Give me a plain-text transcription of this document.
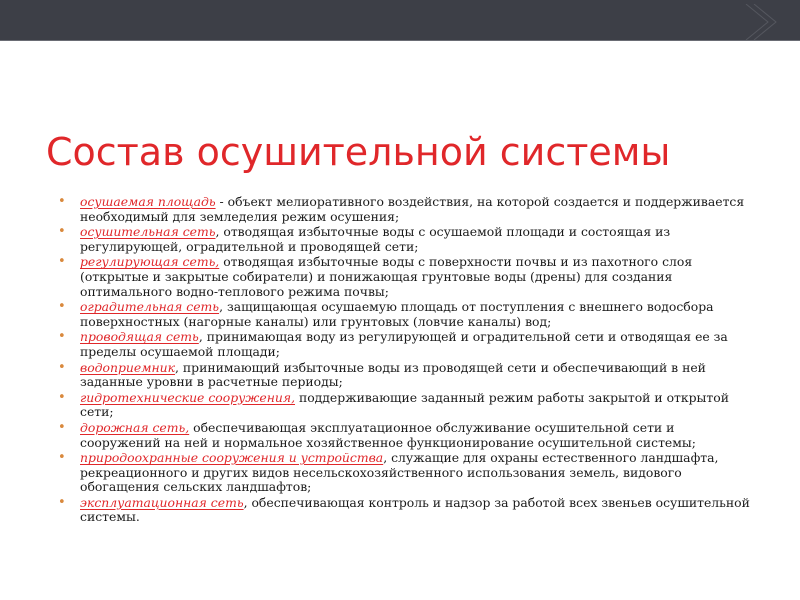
Состав осушительной системы
• осушаемая площадь - объект мелиоративного воздействия, на которой создается и поддерживается необходимый для земледелия режим осушения;
• осушительная сеть, отводящая избыточные воды с осушаемой площади и состоящая из регулирующей, оградительной и проводящей сети;
• регулирующая сеть, отводящая избыточные воды с поверхности почвы и из пахотного слоя (открытые и закрытые собиратели) и понижающая грунтовые воды (дрены) для создания оптимального водно-теплового режима почвы;
• оградительная сеть, защищающая осушаемую площадь от поступления с внешнего водосбора поверхностных (нагорные каналы) или грунтовых (ловчие каналы) вод;
• проводящая сеть, принимающая воду из регулирующей и оградительной сети и отводящая ее за пределы осушаемой площади;
• водоприемник, принимающий избыточные воды из проводящей сети и обеспечивающий в ней заданные уровни в расчетные периоды;
• гидротехнические сооружения, поддерживающие заданный режим работы закрытой и открытой сети;
• дорожная сеть, обеспечивающая эксплуатационное обслуживание осушительной сети и сооружений на ней и нормальное хозяйственное функционирование осушительной системы;
• природоохранные сооружения и устройства, служащие для охраны естественного ландшафта, рекреационного и других видов несельскохозяйственного использования земель, видового обогащения сельских ландшафтов;
• эксплуатационная сеть, обеспечивающая контроль и надзор за работой всех звеньев осушительной системы.
